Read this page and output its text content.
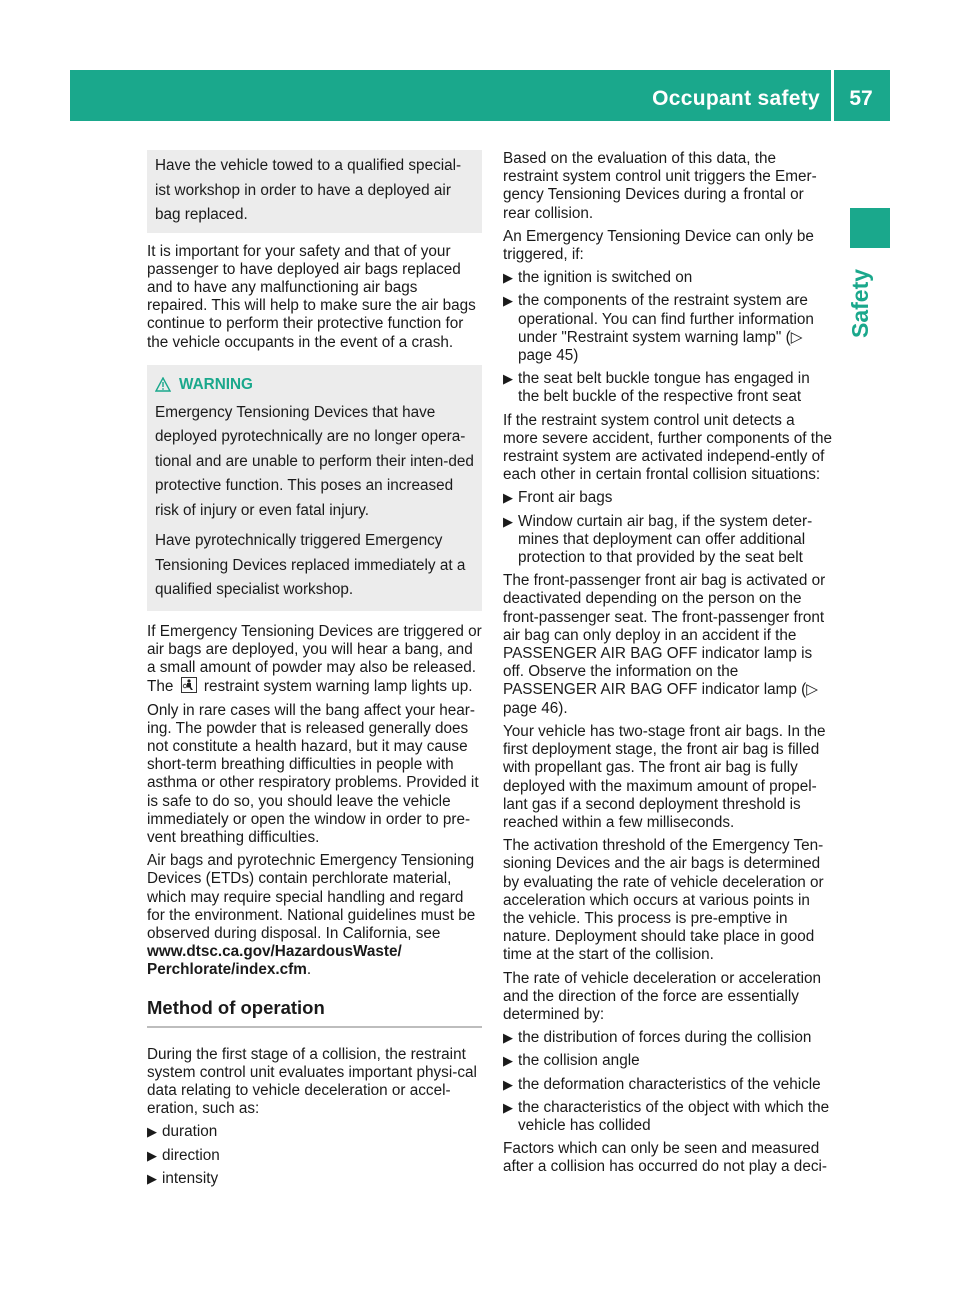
Occupant safety	57
Safety
Have the vehicle towed to a qualified special-ist workshop in order to have a deployed air bag replaced.

It is important for your safety and that of your passenger to have deployed air bags replaced and to have any malfunctioning air bags repaired. This will help to make sure the air bags continue to perform their protective function for the vehicle occupants in the event of a crash.

WARNING

Emergency Tensioning Devices that have deployed pyrotechnically are no longer opera-tional and are unable to perform their inten-ded protective function. This poses an increased risk of injury or even fatal injury.

Have pyrotechnically triggered Emergency Tensioning Devices replaced immediately at a qualified specialist workshop.

If Emergency Tensioning Devices are triggered or air bags are deployed, you will hear a bang, and a small amount of powder may also be released. The restraint system warning lamp lights up.

Only in rare cases will the bang affect your hear-ing. The powder that is released generally does not constitute a health hazard, but it may cause short-term breathing difficulties in people with asthma or other respiratory problems. Provided it is safe to do so, you should leave the vehicle immediately or open the window in order to pre-vent breathing difficulties.

Air bags and pyrotechnic Emergency Tensioning Devices (ETDs) contain perchlorate material, which may require special handling and regard for the environment. National guidelines must be observed during disposal. In California, see
www.dtsc.ca.gov/HazardousWaste/
Perchlorate/index.cfm.

Method of operation

During the first stage of a collision, the restraint system control unit evaluates important physi-cal data relating to vehicle deceleration or accel-eration, such as:

▶ duration
▶ direction
▶ intensity

Based on the evaluation of this data, the restraint system control unit triggers the Emer-gency Tensioning Devices during a frontal or rear collision.

An Emergency Tensioning Device can only be triggered, if:

▶ the ignition is switched on
▶ the components of the restraint system are operational. You can find further information under "Restraint system warning lamp" (▷ page 45)
▶ the seat belt buckle tongue has engaged in the belt buckle of the respective front seat

If the restraint system control unit detects a more severe accident, further components of the restraint system are activated independ-ently of each other in certain frontal collision situations:

▶ Front air bags
▶ Window curtain air bag, if the system deter-mines that deployment can offer additional protection to that provided by the seat belt

The front-passenger front air bag is activated or deactivated depending on the person on the front-passenger seat. The front-passenger front air bag can only deploy in an accident if the PASSENGER AIR BAG OFF indicator lamp is off. Observe the information on the PASSENGER AIR BAG OFF indicator lamp (▷ page 46).

Your vehicle has two-stage front air bags. In the first deployment stage, the front air bag is filled with propellant gas. The front air bag is fully deployed with the maximum amount of propel-lant gas if a second deployment threshold is reached within a few milliseconds.

The activation threshold of the Emergency Ten-sioning Devices and the air bags is determined by evaluating the rate of vehicle deceleration or acceleration which occurs at various points in the vehicle. This process is pre-emptive in nature. Deployment should take place in good time at the start of the collision.

The rate of vehicle deceleration or acceleration and the direction of the force are essentially determined by:

▶ the distribution of forces during the collision
▶ the collision angle
▶ the deformation characteristics of the vehicle
▶ the characteristics of the object with which the vehicle has collided

Factors which can only be seen and measured after a collision has occurred do not play a deci-
